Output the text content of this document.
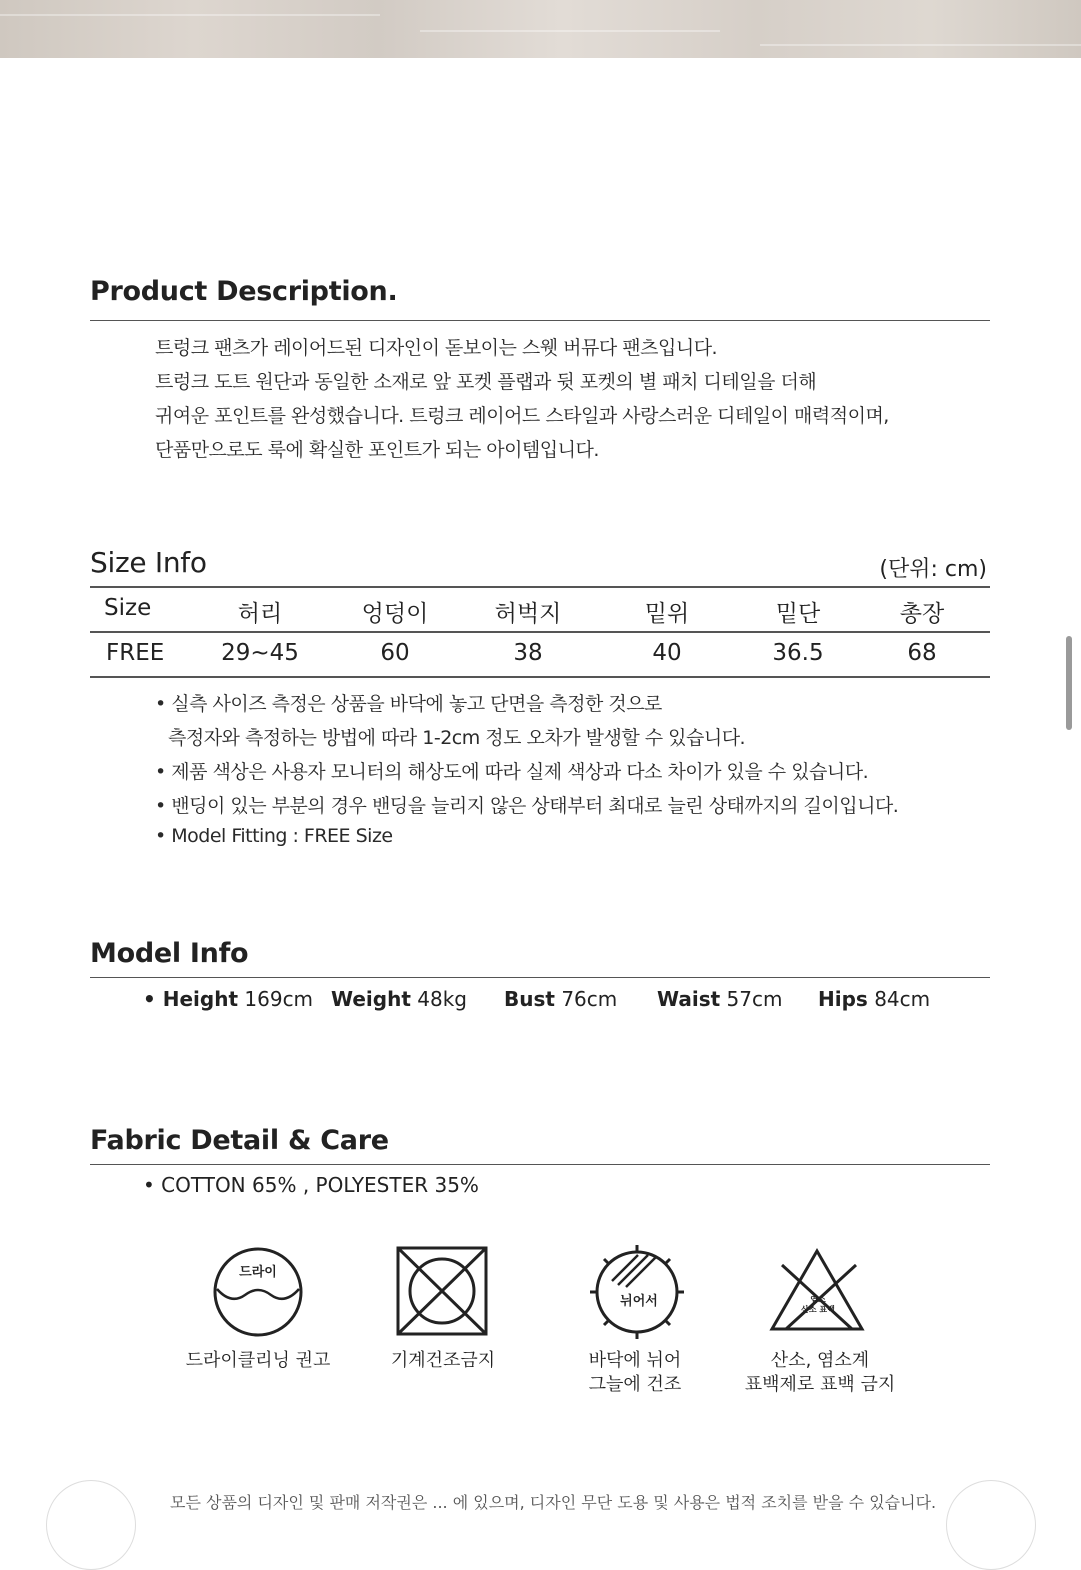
Product Description.
트렁크 팬츠가 레이어드된 디자인이 돋보이는 스웻 버뮤다 팬츠입니다.
트렁크 도트 원단과 동일한 소재로 앞 포켓 플랩과 뒷 포켓의 별 패치 디테일을 더해
귀여운 포인트를 완성했습니다. 트렁크 레이어드 스타일과 사랑스러운 디테일이 매력적이며,
단품만으로도 룩에 확실한 포인트가 되는 아이템입니다.
Size Info	(단위: cm)
Size	허리	엉덩이	허벅지	밑위	밑단	총장
FREE 29~45	60	38	40	36.5	68
• 실측 사이즈 측정은 상품을 바닥에 놓고 단면을 측정한 것으로
측정자와 측정하는 방법에 따라 1-2cm 정도 오차가 발생할 수 있습니다.
• 제품 색상은 사용자 모니터의 해상도에 따라 실제 색상과 다소 차이가 있을 수 있습니다.
• 밴딩이 있는 부분의 경우 밴딩을 늘리지 않은 상태부터 최대로 늘린 상태까지의 길이입니다.
• Model Fitting : FREE Size
Model Info
• Height 169cm Weight 48kg Bust 76cm Waist 57cm Hips 84cm
Fabric Detail & Care
• COTTON 65% , POLYESTER 35%
드라이
뉘어서	염소 산소 표백
드라이클리닝 권고	기계건조금지	바닥에 뉘어
그늘에 건조
산소, 염소계
표백제로 표백 금지
모든 상품의 디자인 및 판매 저작권은 ... 에 있으며, 디자인 무단 도용 및 사용은 법적 조치를 받을 수 있습니다.
